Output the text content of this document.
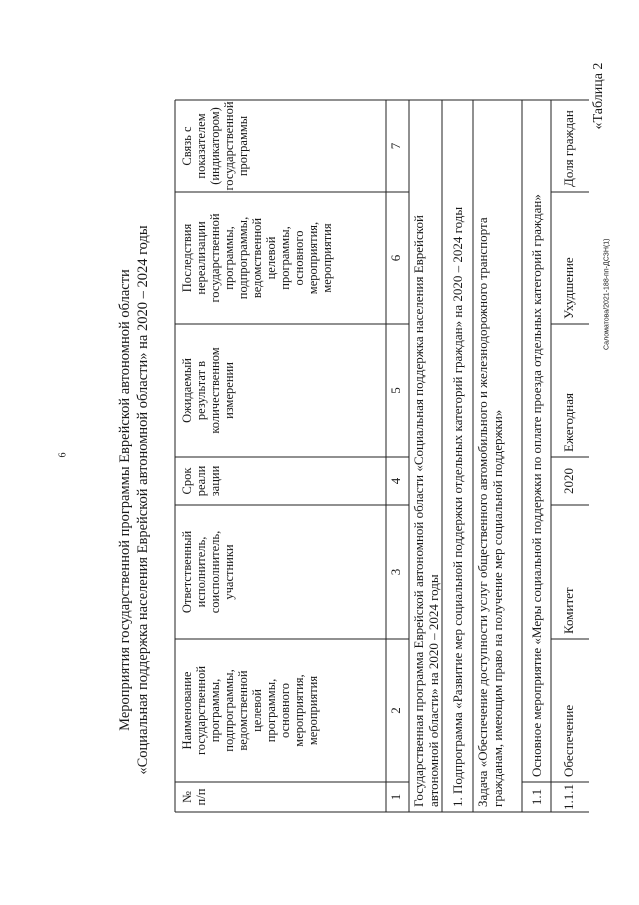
Саломатова/2021-188-пп-ДСЗН(1)
6
«Таблица 2
Мероприятия государственной программы Еврейской автономной области «Социальная поддержка населения Еврейской автономной области» на 2020 – 2024 годы
№
п/п
Наименование
государственной
программы,
подпрограммы,
ведомственной
целевой
программы,
основного
мероприятия,
мероприятия
Ответственный
исполнитель,
соисполнитель,
участники
Срок
реали
зации
Ожидаемый
результат в
количественном
измерении
Последствия
нереализации
государственной
программы,
подпрограммы,
ведомственной
целевой
программы,
основного
мероприятия,
мероприятия
Связь с показателем
(индикатором)
государственной
программы
1
2
3
4
5
6
7
Государственная программа Еврейской автономной области «Социальная поддержка населения Еврейской
автономной области» на 2020 – 2024 годы 1. Подпрограмма «Развитие мер социальной поддержки отдельных категорий граждан» на 2020 – 2024 годы Задача «Обеспечение доступности услуг общественного автомобильного и железнодорожного транспорта
гражданам, имеющим право на получение мер социальной поддержки»
1.1
Основное мероприятие «Меры социальной поддержки по оплате проезда отдельных категорий граждан»
1.1.1
Обеспечение
Комитет
2020
Ежегодная
Ухудшение
Доля граждан
